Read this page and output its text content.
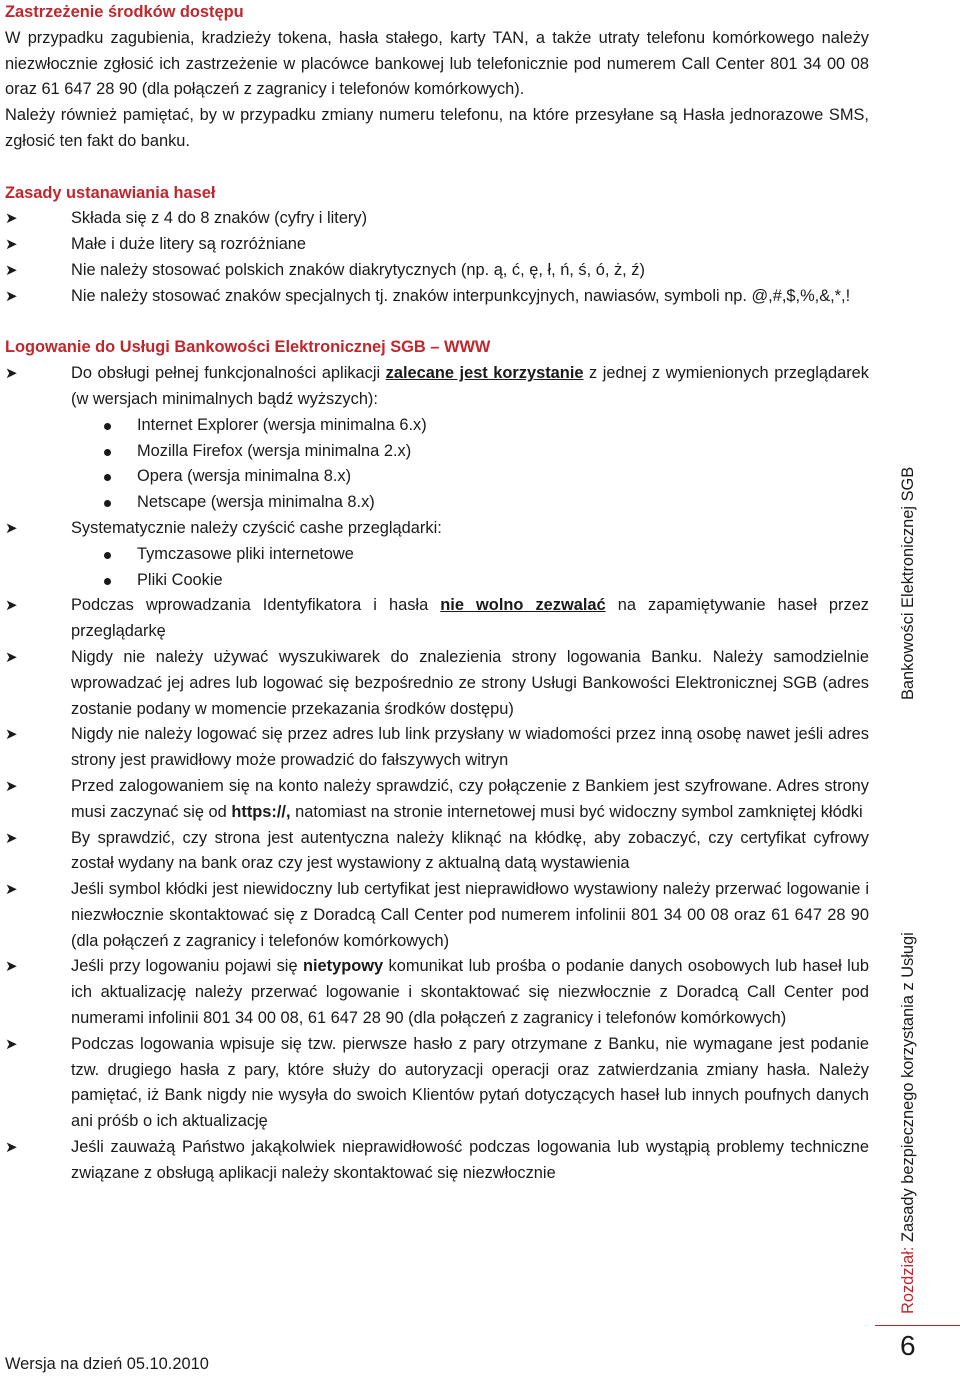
Zastrzeżenie środków dostępu

W przypadku zagubienia, kradzieży tokena, hasła stałego, karty TAN, a także utraty telefonu komórkowego należy niezwłocznie zgłosić ich zastrzeżenie w placówce bankowej lub telefonicznie pod numerem Call Center 801 34 00 08 oraz 61 647 28 90 (dla połączeń z zagranicy i telefonów komórkowych).

Należy również pamiętać, by w przypadku zmiany numeru telefonu, na które przesyłane są Hasła jednorazowe SMS, zgłosić ten fakt do banku.

Zasady ustanawiania haseł

➤	Składa się z 4 do 8 znaków (cyfry i litery)
➤	Małe i duże litery są rozróżniane
➤	Nie należy stosować polskich znaków diakrytycznych (np. ą, ć, ę, ł, ń, ś, ó, ż, ź)
➤	Nie należy stosować znaków specjalnych tj. znaków interpunkcyjnych, nawiasów, symboli np. @,#,$,%,&,*,!

Logowanie do Usługi Bankowości Elektronicznej SGB – WWW

➤	Do obsługi pełnej funkcjonalności aplikacji zalecane jest korzystanie z jednej z wymienionych przeglądarek (w wersjach minimalnych bądź wyższych):
Internet Explorer (wersja minimalna 6.x)
Mozilla Firefox (wersja minimalna 2.x)
Opera (wersja minimalna 8.x)
Netscape (wersja minimalna 8.x)
➤	Systematycznie należy czyścić cashe przeglądarki:
Tymczasowe pliki internetowe
Pliki Cookie
➤	Podczas wprowadzania Identyfikatora i hasła nie wolno zezwalać na zapamiętywanie haseł przez przeglądarkę
➤	Nigdy nie należy używać wyszukiwarek do znalezienia strony logowania Banku. Należy samodzielnie wprowadzać jej adres lub logować się bezpośrednio ze strony Usługi Bankowości Elektronicznej SGB (adres zostanie podany w momencie przekazania środków dostępu)
➤	Nigdy nie należy logować się przez adres lub link przysłany w wiadomości przez inną osobę nawet jeśli adres strony jest prawidłowy może prowadzić do fałszywych witryn
➤	Przed zalogowaniem się na konto należy sprawdzić, czy połączenie z Bankiem jest szyfrowane. Adres strony musi zaczynać się od https://, natomiast na stronie internetowej musi być widoczny symbol zamkniętej kłódki
➤	By sprawdzić, czy strona jest autentyczna należy kliknąć na kłódkę, aby zobaczyć, czy certyfikat cyfrowy został wydany na bank oraz czy jest wystawiony z aktualną datą wystawienia
➤	Jeśli symbol kłódki jest niewidoczny lub certyfikat jest nieprawidłowo wystawiony należy przerwać logowanie i niezwłocznie skontaktować się z Doradcą Call Center pod numerem infolinii 801 34 00 08 oraz 61 647 28 90 (dla połączeń z zagranicy i telefonów komórkowych)
➤	Jeśli przy logowaniu pojawi się nietypowy komunikat lub prośba o podanie danych osobowych lub haseł lub ich aktualizację należy przerwać logowanie i skontaktować się niezwłocznie z Doradcą Call Center pod numerami infolinii 801 34 00 08, 61 647 28 90 (dla połączeń z zagranicy i telefonów komórkowych)
➤	Podczas logowania wpisuje się tzw. pierwsze hasło z pary otrzymane z Banku, nie wymagane jest podanie tzw. drugiego hasła z pary, które służy do autoryzacji operacji oraz zatwierdzania zmiany hasła. Należy pamiętać, iż Bank nigdy nie wysyła do swoich Klientów pytań dotyczących haseł lub innych poufnych danych ani próśb o ich aktualizację
➤	Jeśli zauważą Państwo jakąkolwiek nieprawidłowość podczas logowania lub wystąpią problemy techniczne związane z obsługą aplikacji należy skontaktować się niezwłocznie
Wersja na dzień 05.10.2010
Bankowości Elektronicznej SGB
Rozdział: Zasady bezpiecznego korzystania z Usługi
6
